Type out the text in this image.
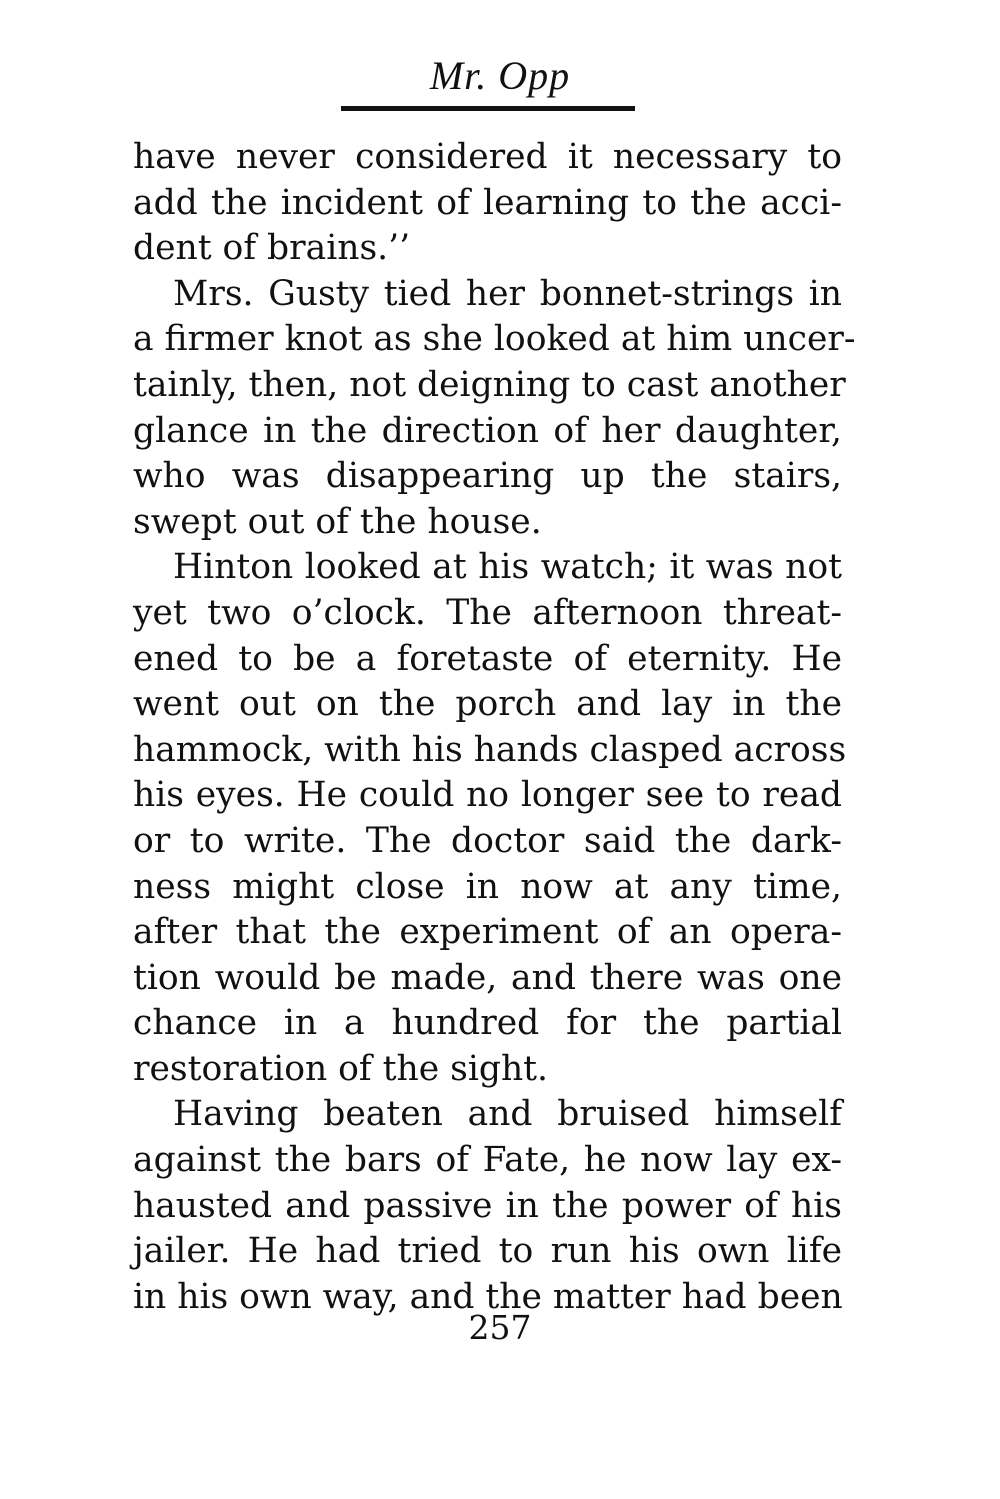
Mr. Opp
have never considered it necessary to
add the incident of learning to the acci-
dent of brains.’’
Mrs. Gusty tied her bonnet-strings in
a firmer knot as she looked at him uncer-
tainly, then, not deigning to cast another
glance in the direction of her daughter,
who was disappearing up the stairs,
swept out of the house.
Hinton looked at his watch; it was not
yet two o’clock. The afternoon threat-
ened to be a foretaste of eternity. He
went out on the porch and lay in the
hammock, with his hands clasped across
his eyes. He could no longer see to read
or to write. The doctor said the dark-
ness might close in now at any time,
after that the experiment of an opera-
tion would be made, and there was one
chance in a hundred for the partial
restoration of the sight.
Having beaten and bruised himself
against the bars of Fate, he now lay ex-
hausted and passive in the power of his
jailer. He had tried to run his own life
in his own way, and the matter had been
257
